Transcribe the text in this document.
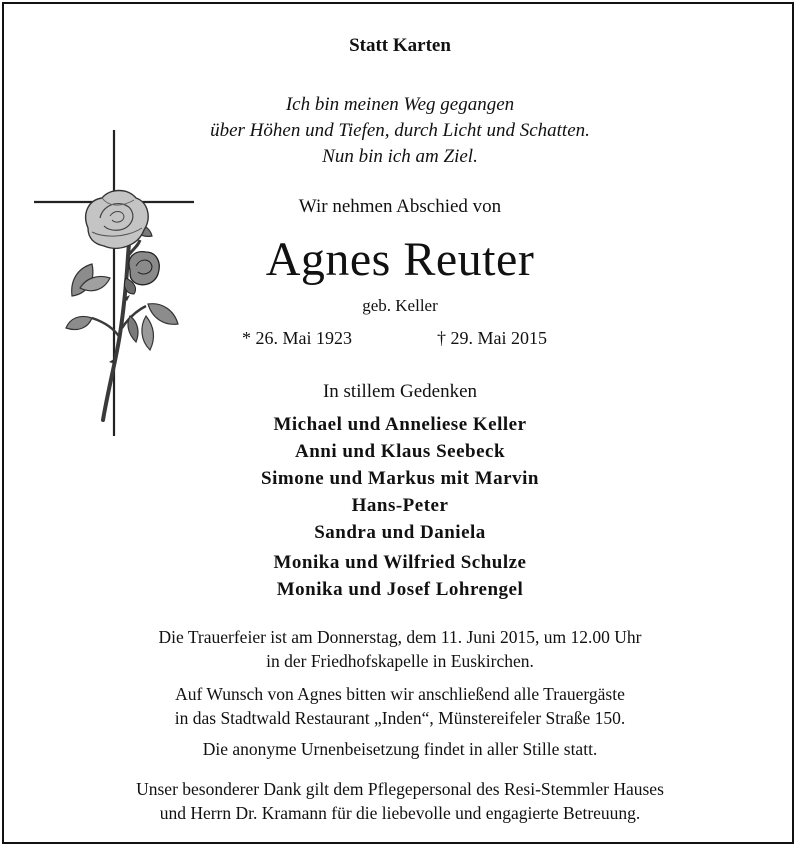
Statt Karten
Ich bin meinen Weg gegangen
über Höhen und Tiefen, durch Licht und Schatten.
Nun bin ich am Ziel.
Wir nehmen Abschied von
Agnes Reuter
geb. Keller
* 26. Mai 1923	† 29. Mai 2015
In stillem Gedenken
Michael und Anneliese Keller
Anni und Klaus Seebeck
Simone und Markus mit Marvin
Hans-Peter
Sandra und Daniela
Monika und Wilfried Schulze
Monika und Josef Lohrengel
Die Trauerfeier ist am Donnerstag, dem 11. Juni 2015, um 12.00 Uhr
in der Friedhofskapelle in Euskirchen.
Auf Wunsch von Agnes bitten wir anschließend alle Trauergäste
in das Stadtwald Restaurant „Inden“, Münstereifeler Straße 150.
Die anonyme Urnenbeisetzung findet in aller Stille statt.
Unser besonderer Dank gilt dem Pflegepersonal des Resi-Stemmler Hauses
und Herrn Dr. Kramann für die liebevolle und engagierte Betreuung.
